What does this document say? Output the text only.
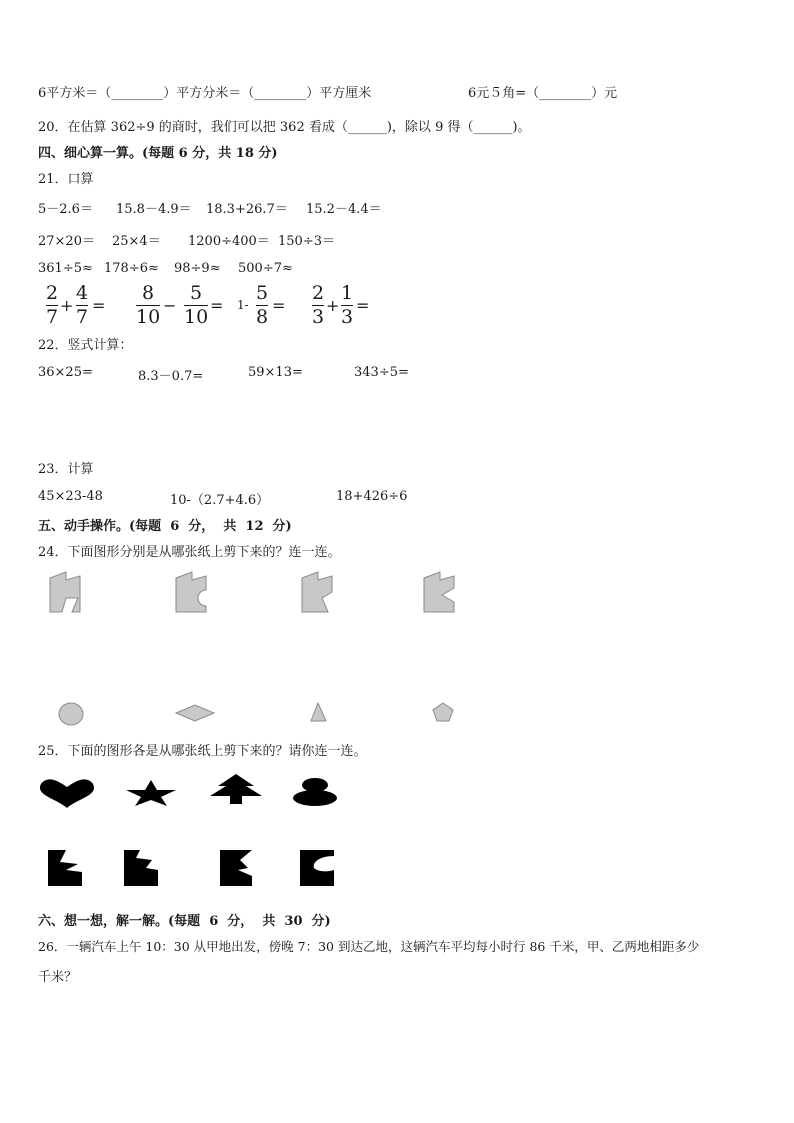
6平方米＝（________）平方分米＝（________）平方厘米	6元５角=（________）元
20．在估算 362÷9 的商时，我们可以把 362 看成（______)，除以 9 得（______)。
四、细心算一算。(每题 6 分，共 18 分)
21．口算
5－2.6＝ 15.8－4.9＝ 18.3+26.7＝ 15.2－4.4＝
27×20＝ 25×4＝ 1200÷400＝ 150÷3＝
361÷5≈ 178÷6≈ 98÷9≈ 500÷7≈
2
7
+
4
7
=
8
10
−
5
10
= 1-
5
8
=
2
3
+
1
3
=
22．竖式计算：
36×25=	8.3－0.7=	59×13=	343÷5=
23．计算
45×23-48	10-（2.7+4.6）	18+426÷6
五、动手操作。(每题  6  分，  共  12  分)
24．下面图形分别是从哪张纸上剪下来的？连一连。
25．下面的图形各是从哪张纸上剪下来的？请你连一连。
六、想一想，解一解。(每题  6  分，  共  30  分)
26．一辆汽车上午 10：30 从甲地出发，傍晚 7：30 到达乙地，这辆汽车平均每小时行 86 千米，甲、乙两地相距多少
千米？
